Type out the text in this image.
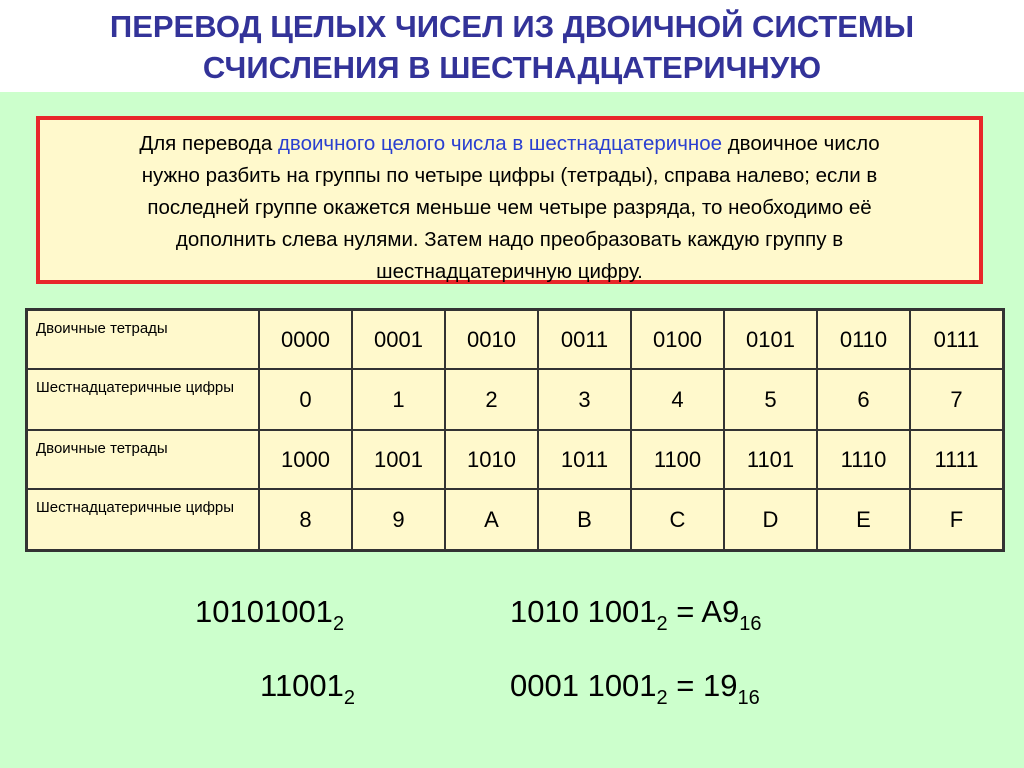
ПЕРЕВОД ЦЕЛЫХ ЧИСЕЛ ИЗ ДВОИЧНОЙ СИСТЕМЫ
СЧИСЛЕНИЯ В ШЕСТНАДЦАТЕРИЧНУЮ
Для перевода двоичного целого числа в шестнадцатеричное двоичное число
нужно разбить на группы по четыре цифры (тетрады), справа налево; если в
последней группе окажется меньше чем четыре разряда, то необходимо её
дополнить слева нулями. Затем надо преобразовать каждую группу в
шестнадцатеричную цифру.
Двоичные тетрады	0000	0001	0010	0011	0100	0101	0110	0111
Шестнадцатеричные цифры	0	1	2	3	4	5	6	7
Двоичные тетрады	1000	1001	1010	1011	1100	1101	1110	1111
Шестнадцатеричные цифры	8	9	A	B	C	D	E	F
$10101001_2$	1010 $1001_2 = A9_{16}$
$11001_2$	0001 $1001_2 = 19_{16}$
